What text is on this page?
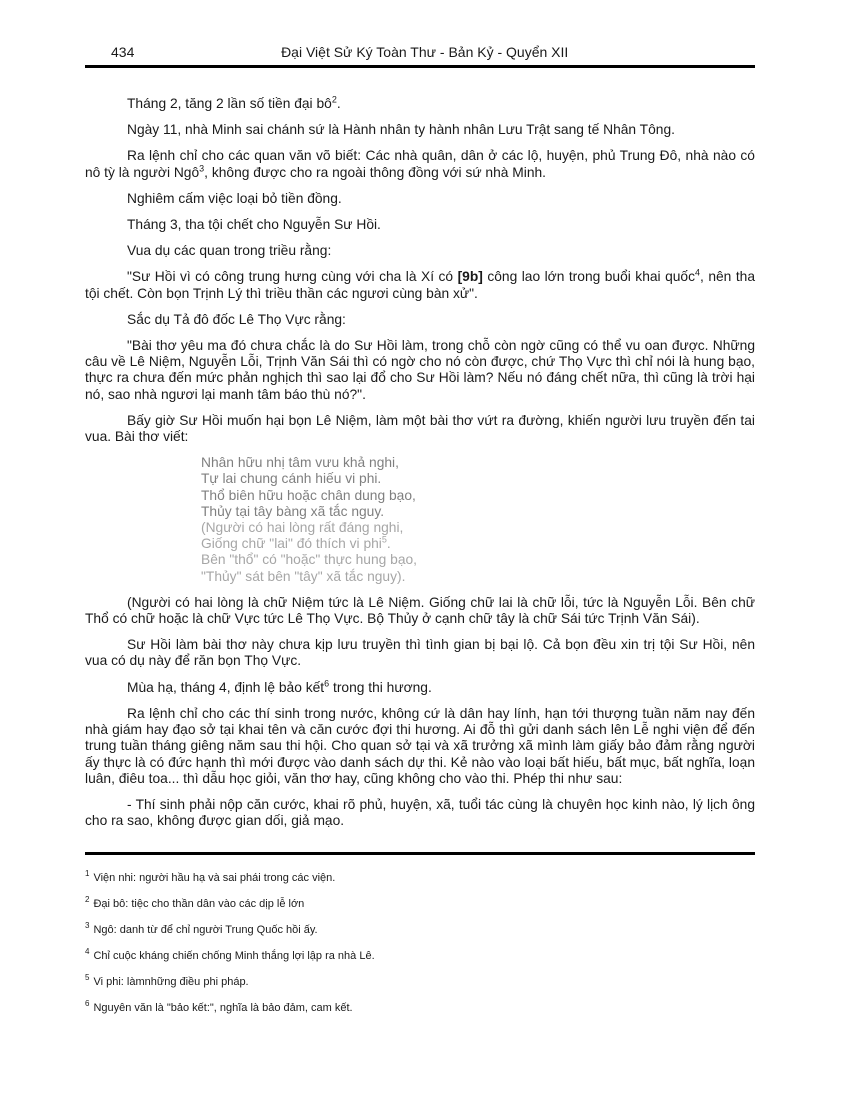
434	Đại Việt Sử Ký Toàn Thư - Bản Kỷ - Quyển XII

Tháng 2, tăng 2 lần số tiền đại $bô^2$.

Ngày 11, nhà Minh sai chánh sứ là Hành nhân ty hành nhân Lưu Trật sang tế Nhân Tông.

Ra lệnh chỉ cho các quan văn võ biết: Các nhà quân, dân ở các lộ, huyện, phủ Trung Đô, nhà nào có nô tỳ là người Ngô$^3$, không được cho ra ngoài thông đồng với sứ nhà Minh.

Nghiêm cấm việc loại bỏ tiền đồng.

Tháng 3, tha tội chết cho Nguyễn Sư Hồi.

Vua dụ các quan trong triều rằng:

"Sư Hồi vì có công trung hưng cùng với cha là Xí có [9b] công lao lớn trong buổi khai quốc$^4$, nên tha tội chết. Còn bọn Trịnh Lý thì triều thần các ngươi cùng bàn xử".

Sắc dụ Tả đô đốc Lê Thọ Vực rằng:

"Bài thơ yêu ma đó chưa chắc là do Sư Hồi làm, trong chỗ còn ngờ cũng có thể vu oan được. Những câu về Lê Niệm, Nguyễn Lỗi, Trịnh Văn Sái thì có ngờ cho nó còn được, chứ Thọ Vực thì chỉ nói là hung bạo, thực ra chưa đến mức phản nghịch thì sao lại đổ cho Sư Hồi làm? Nếu nó đáng chết nữa, thì cũng là trời hại nó, sao nhà ngươi lại manh tâm báo thù nó?".

Bấy giờ Sư Hồi muốn hại bọn Lê Niệm, làm một bài thơ vứt ra đường, khiến người lưu truyền đến tai vua. Bài thơ viết:

Nhân hữu nhị tâm vưu khả nghi,
Tự lai chung cánh hiếu vi phi.
Thổ biên hữu hoặc chân dung bạo,
Thủy tại tây bàng xã tắc nguy.
(Người có hai lòng rất đáng nghi,
Giống chữ "lai" đó thích vi phi$^5$.
Bên "thổ" có "hoặc" thực hung bạo,
"Thủy" sát bên "tây" xã tắc nguy).

(Người có hai lòng là chữ Niệm tức là Lê Niệm. Giống chữ lai là chữ lỗi, tức là Nguyễn Lỗi. Bên chữ Thổ có chữ hoặc là chữ Vực tức Lê Thọ Vực. Bộ Thủy ở cạnh chữ tây là chữ Sái tức Trịnh Văn Sái).

Sư Hồi làm bài thơ này chưa kịp lưu truyền thì tình gian bị bại lộ. Cả bọn đều xin trị tội Sư Hồi, nên vua có dụ này để răn bọn Thọ Vực.

Mùa hạ, tháng 4, định lệ bảo kết$^6$ trong thi hương.

Ra lệnh chỉ cho các thí sinh trong nước, không cứ là dân hay lính, hạn tới thượng tuần năm nay đến nhà giám hay đạo sở tại khai tên và căn cước đợi thi hương. Ai đỗ thì gửi danh sách lên Lễ nghi viện để đến trung tuần tháng giêng năm sau thi hội. Cho quan sở tại và xã trưởng xã mình làm giấy bảo đảm rằng người ấy thực là có đức hạnh thì mới được vào danh sách dự thi. Kẻ nào vào loại bất hiếu, bất mục, bất nghĩa, loạn luân, điêu toa... thì dẫu học giỏi, văn thơ hay, cũng không cho vào thi. Phép thi như sau:

- Thí sinh phải nộp căn cước, khai rõ phủ, huyện, xã, tuổi tác cùng là chuyên học kinh nào, lý lịch ông cho ra sao, không được gian dối, giả mạo.

$^1$ Viện nhi: người hầu hạ và sai phái trong các viện.
$^2$ Đại bô: tiệc cho thần dân vào các dịp lễ lớn
$^3$ Ngô: danh từ để chỉ người Trung Quốc hồi ấy.
$^4$ Chỉ cuộc kháng chiến chống Minh thắng lợi lập ra nhà Lê.
$^5$ Vi phi: làmnhững điều phi pháp.
$^6$ Nguyên văn là "bảo kết:", nghĩa là bảo đảm, cam kết.
